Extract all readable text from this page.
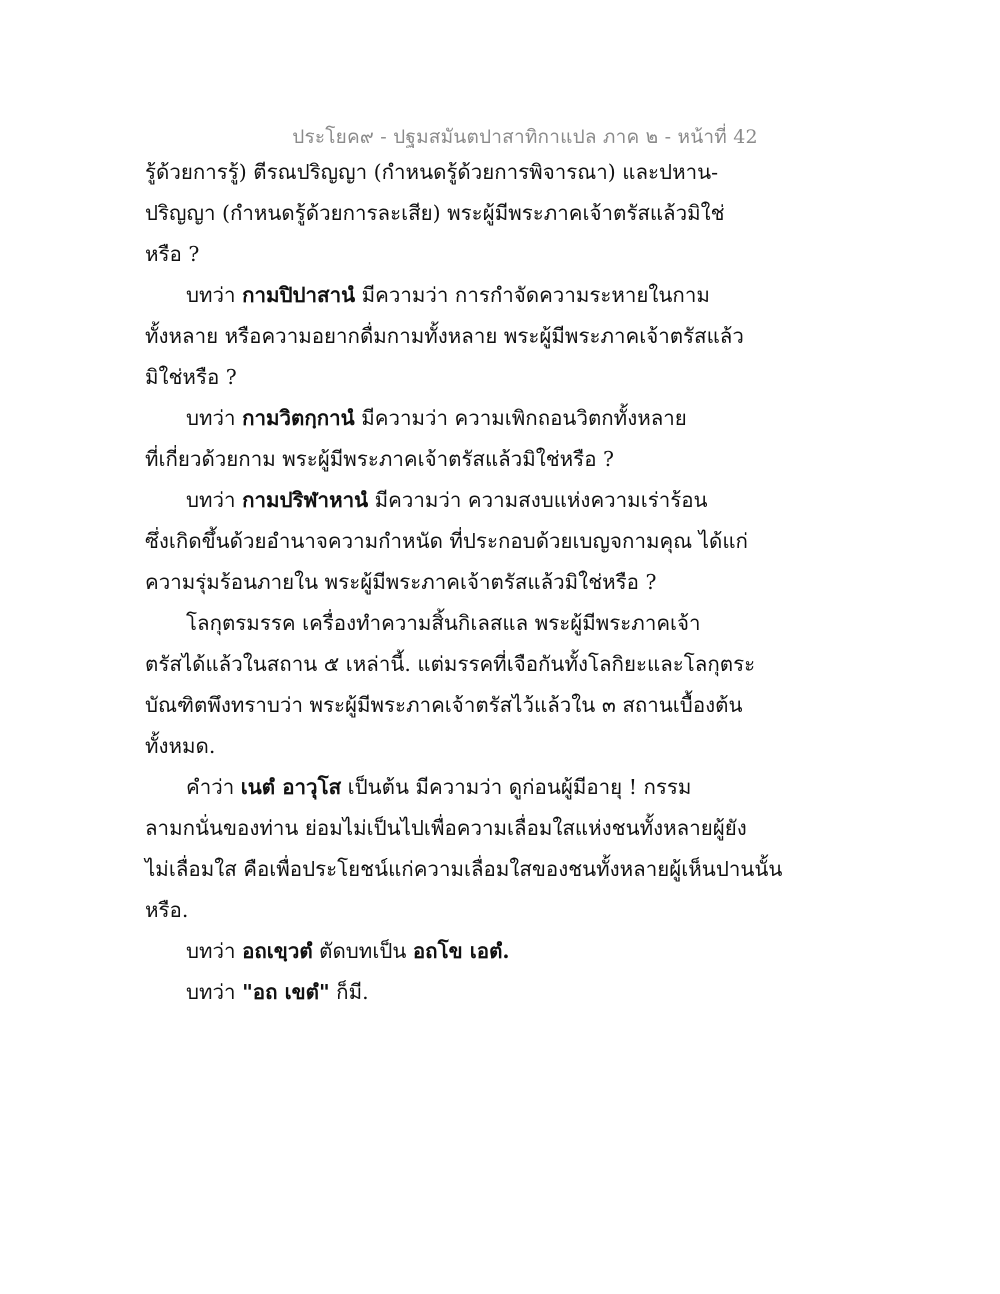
ประโยค๙ - ปฐมสมันตปาสาทิกาแปล ภาค ๒ - หน้าที่ 42
รู้ด้วยการรู้) ตีรณปริญญา (กำหนดรู้ด้วยการพิจารณา) และปหาน-
ปริญญา (กำหนดรู้ด้วยการละเสีย) พระผู้มีพระภาคเจ้าตรัสแล้วมิใช่
หรือ ?
บทว่า กามปิปาสานํ มีความว่า การกำจัดความระหายในกาม
ทั้งหลาย หรือความอยากดื่มกามทั้งหลาย พระผู้มีพระภาคเจ้าตรัสแล้ว
มิใช่หรือ ?
บทว่า กามวิตกฺกานํ มีความว่า ความเพิกถอนวิตกทั้งหลาย
ที่เกี่ยวด้วยกาม พระผู้มีพระภาคเจ้าตรัสแล้วมิใช่หรือ ?
บทว่า กามปริฬาหานํ มีความว่า ความสงบแห่งความเร่าร้อน
ซึ่งเกิดขึ้นด้วยอำนาจความกำหนัด ที่ประกอบด้วยเบญจกามคุณ ได้แก่
ความรุ่มร้อนภายใน พระผู้มีพระภาคเจ้าตรัสแล้วมิใช่หรือ ?
โลกุตรมรรค เครื่องทำความสิ้นกิเลสแล พระผู้มีพระภาคเจ้า
ตรัสได้แล้วในสถาน ๕ เหล่านี้. แต่มรรคที่เจือกันทั้งโลกิยะและโลกุตระ
บัณฑิตพึงทราบว่า พระผู้มีพระภาคเจ้าตรัสไว้แล้วใน ๓ สถานเบื้องต้น
ทั้งหมด.
คำว่า เนตํ อาวุโส เป็นต้น มีความว่า ดูก่อนผู้มีอายุ ! กรรม
ลามกนั่นของท่าน ย่อมไม่เป็นไปเพื่อความเลื่อมใสแห่งชนทั้งหลายผู้ยัง
ไม่เลื่อมใส คือเพื่อประโยชน์แก่ความเลื่อมใสของชนทั้งหลายผู้เห็นปานนั้น
หรือ.
บทว่า อถเขฺวตํ ตัดบทเป็น อถโข เอตํ.
บทว่า "อถ เขตํ" ก็มี.
